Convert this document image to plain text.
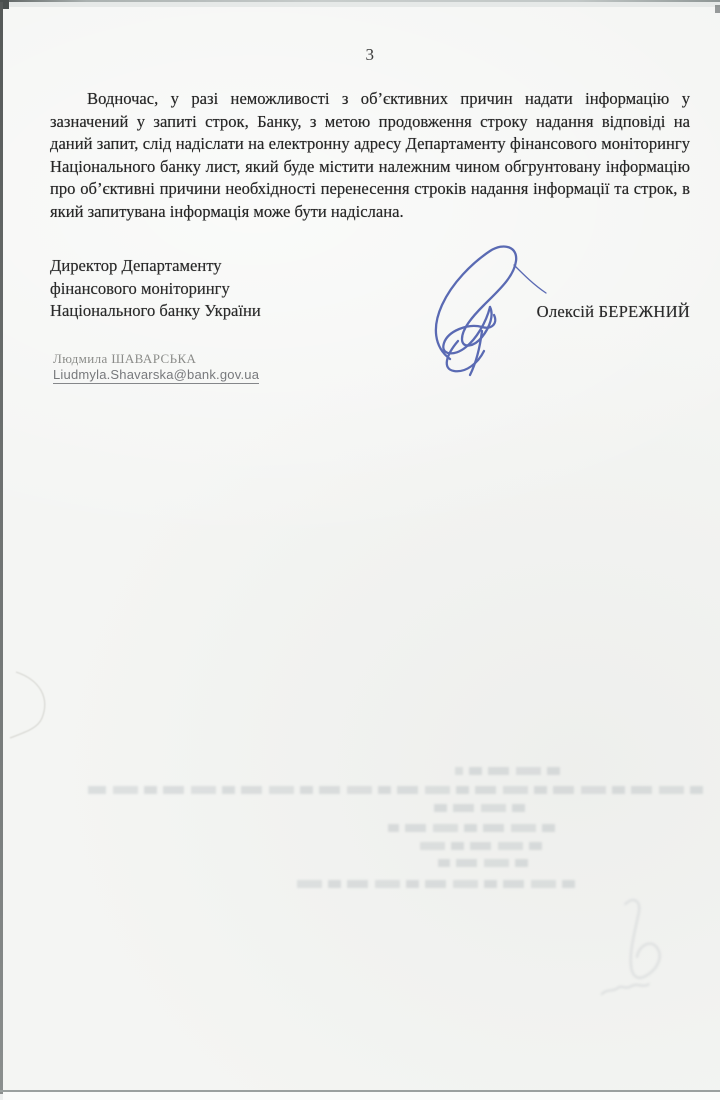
3

Водночас, у разі неможливості з об’єктивних причин надати інформацію у зазначений у запиті строк, Банку, з метою продовження строку надання відповіді на даний запит, слід надіслати на електронну адресу Департаменту фінансового моніторингу Національного банку лист, який буде містити належним чином обгрунтовану інформацію про об’єктивні причини необхідності перенесення строків надання інформації та строк, в який запитувана інформація може бути надіслана.

Директор Департаменту
фінансового моніторингу
Національного банку України	Олексій БЕРЕЖНИЙ
Людмила ШАВАРСЬКА
Liudmyla.Shavarska@bank.gov.ua
